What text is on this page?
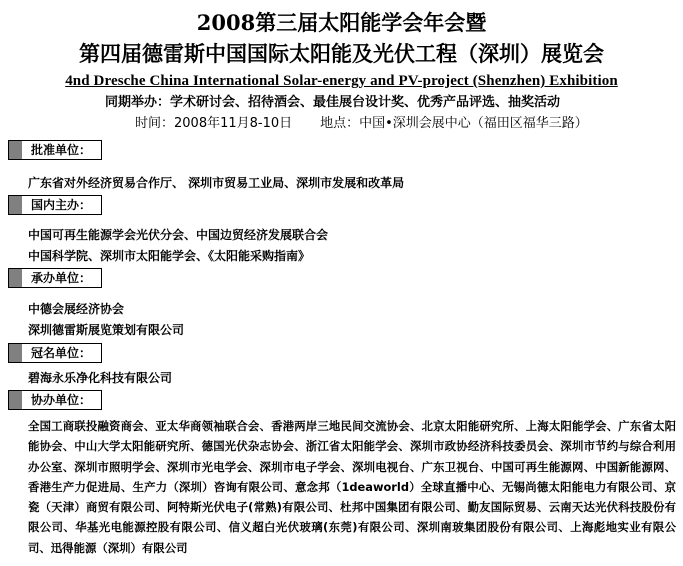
2008第三届太阳能学会年会暨
第四届德雷斯中国国际太阳能及光伏工程（深圳）展览会
4nd Dresche China International Solar-energy and PV-project (Shenzhen) Exhibition
同期举办：学术研讨会、招待酒会、最佳展台设计奖、优秀产品评选、抽奖活动
时间：2008年11月8-10日 地点：中国•深圳会展中心（福田区福华三路）
批准单位：
广东省对外经济贸易合作厅、 深圳市贸易工业局、深圳市发展和改革局
国内主办：
中国可再生能源学会光伏分会、中国边贸经济发展联合会
中国科学院、深圳市太阳能学会、《太阳能采购指南》
承办单位：
中德会展经济协会
深圳德雷斯展览策划有限公司
冠名单位：
碧海永乐净化科技有限公司
协办单位：
全国工商联投融资商会、亚太华商领袖联合会、香港两岸三地民间交流协会、北京太阳能研究所、上海太阳能学会、广东省太阳能协会、中山大学太阳能研究所、德国光伏杂志协会、浙江省太阳能学会、深圳市政协经济科技委员会、深圳市节约与综合利用办公室、深圳市照明学会、深圳市光电学会、深圳市电子学会、深圳电视台、广东卫视台、中国可再生能源网、中国新能源网、香港生产力促进局、生产力（深圳）咨询有限公司、意念邦（1deaworld）全球直播中心、无锡尚德太阳能电力有限公司、京瓷（天津）商贸有限公司、阿特斯光伏电子(常熟)有限公司、杜邦中国集团有限公司、勤友国际贸易、云南天达光伏科技股份有限公司、华基光电能源控股有限公司、信义超白光伏玻璃(东莞)有限公司、深圳南玻集团股份有限公司、上海彪地实业有限公司、迅得能源（深圳）有限公司
